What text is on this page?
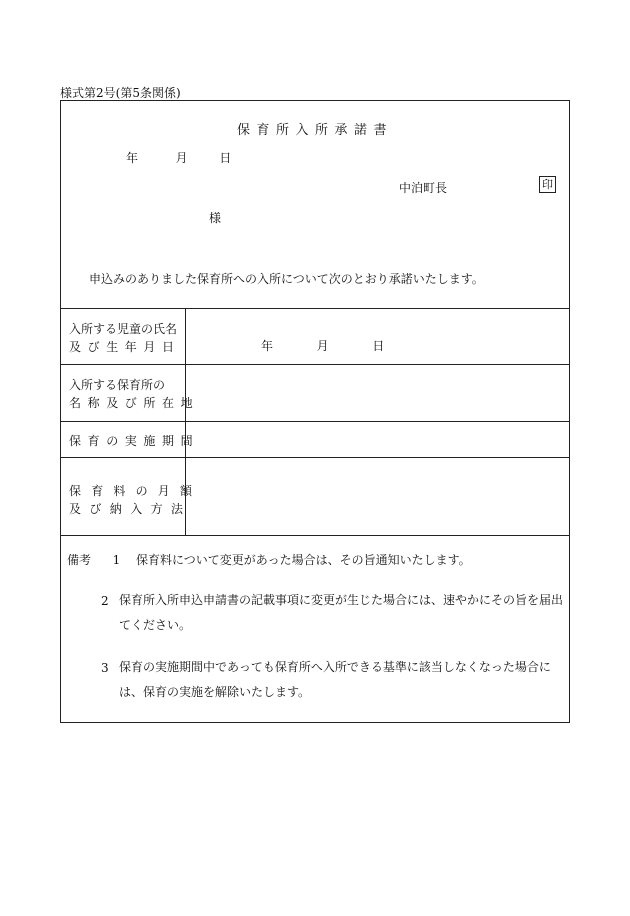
様式第2号(第5条関係)
保育所入所承諾書
年	月	日
中泊町長	印
様
申込みのありました保育所への入所について次のとおり承諾いたします。
入所する児童の氏名
及び生年月日	年	月	日
入所する保育所の
名称及び所在地
保育の実施期間
保育料の月額
及び納入方法
備考 1 保育料について変更があった場合は、その旨通知いたします。
2 保育所入所申込申請書の記載事項に変更が生じた場合には、速やかにその旨を届出てください。
3 保育の実施期間中であっても保育所へ入所できる基準に該当しなくなった場合には、保育の実施を解除いたします。
